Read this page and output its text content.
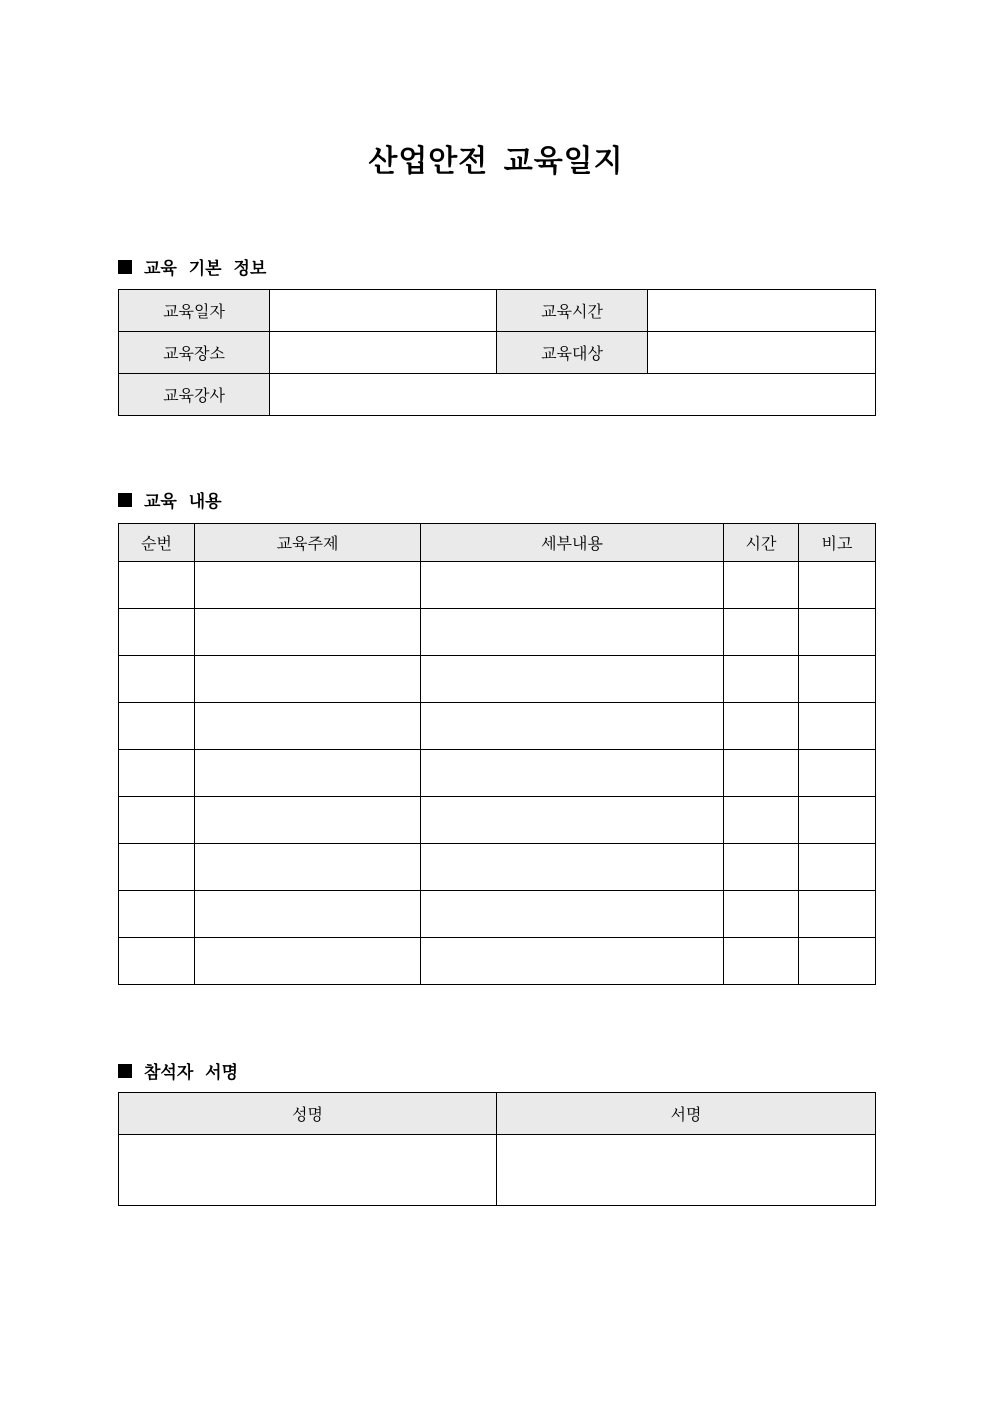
산업안전 교육일지
교육 기본 정보
교육일자		교육시간	
교육장소		교육대상	
교육강사			
교육 내용
순번	교육주제	세부내용	시간	비고

참석자 서명
성명	서명
